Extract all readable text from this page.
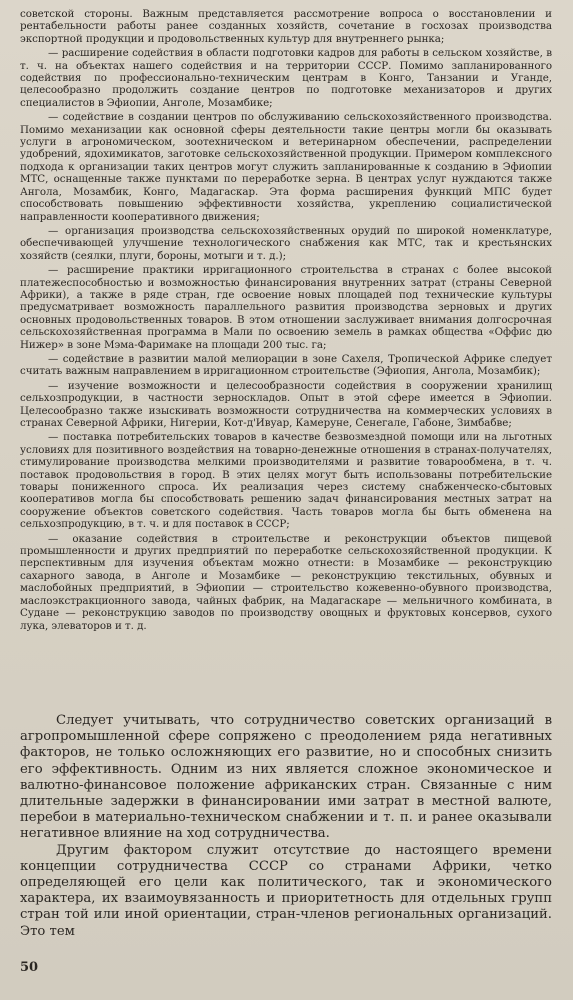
советской стороны. Важным представляется рассмотрение вопроса о восстановлении и рентабельности работы ранее созданных хозяйств, сочетание в госхозах производства экспортной продукции и продовольственных культур для внутреннего рынка;

— расширение содействия в области подготовки кадров для работы в сельском хозяйстве, в т. ч. на объектах нашего содействия и на территории СССР. Помимо запланированного содействия по профессионально-техническим центрам в Конго, Танзании и Уганде, целесообразно продолжить создание центров по подготовке механизаторов и других специалистов в Эфиопии, Анголе, Мозамбике;

— содействие в создании центров по обслуживанию сельскохозяйственного производства. Помимо механизации как основной сферы деятельности такие центры могли бы оказывать услуги в агрономическом, зоотехническом и ветеринарном обеспечении, распределении удобрений, ядохимикатов, заготовке сельскохозяйственной продукции. Примером комплексного подхода к организации таких центров могут служить запланированные к созданию в Эфиопии МТС, оснащенные также пунктами по переработке зерна. В центрах услуг нуждаются также Ангола, Мозамбик, Конго, Мадагаскар. Эта форма расширения функций МПС будет способствовать повышению эффективности хозяйства, укреплению социалистической направленности кооперативного движения;

— организация производства сельскохозяйственных орудий по широкой номенклатуре, обеспечивающей улучшение технологического снабжения как МТС, так и крестьянских хозяйств (сеялки, плуги, бороны, мотыги и т. д.);

— расширение практики ирригационного строительства в странах с более высокой платежеспособностью и возможностью финансирования внутренних затрат (страны Северной Африки), а также в ряде стран, где освоение новых площадей под технические культуры предусматривает возможность параллельного развития производства зерновых и других основных продовольственных товаров. В этом отношении заслуживает внимания долгосрочная сельскохозяйственная программа в Мали по освоению земель в рамках общества «Оффис дю Нижер» в зоне Мэма-Фаримаке на площади 200 тыс. га;

— содействие в развитии малой мелиорации в зоне Сахеля, Тропической Африке следует считать важным направлением в ирригационном строительстве (Эфиопия, Ангола, Мозамбик);

— изучение возможности и целесообразности содействия в сооружении хранилищ сельхозпродукции, в частности зерноскладов. Опыт в этой сфере имеется в Эфиопии. Целесообразно также изыскивать возможности сотрудничества на коммерческих условиях в странах Северной Африки, Нигерии, Кот-д'Ивуар, Камеруне, Сенегале, Габоне, Зимбабве;

— поставка потребительских товаров в качестве безвозмездной помощи или на льготных условиях для позитивного воздействия на товарно-денежные отношения в странах-получателях, стимулирование производства мелкими производителями и развитие товарообмена, в т. ч. поставок продовольствия в город. В этих целях могут быть использованы потребительские товары пониженного спроса. Их реализация через систему снабженческо-сбытовых кооперативов могла бы способствовать решению задач финансирования местных затрат на сооружение объектов советского содействия. Часть товаров могла бы быть обменена на сельхозпродукцию, в т. ч. и для поставок в СССР;

— оказание содействия в строительстве и реконструкции объектов пищевой промышленности и других предприятий по переработке сельскохозяйственной продукции. К перспективным для изучения объектам можно отнести: в Мозамбике — реконструкцию сахарного завода, в Анголе и Мозамбике — реконструкцию текстильных, обувных и маслобойных предприятий, в Эфиопии — строительство кожевенно-обувного производства, маслоэкстракционного завода, чайных фабрик, на Мадагаскаре — мельничного комбината, в Судане — реконструкцию заводов по производству овощных и фруктовых консервов, сухого лука, элеваторов и т. д.

Следует учитывать, что сотрудничество советских организаций в агропромышленной сфере сопряжено с преодолением ряда негативных факторов, не только осложняющих его развитие, но и способных снизить его эффективность. Одним из них является сложное экономическое и валютно-финансовое положение африканских стран. Связанные с ним длительные задержки в финансировании ими затрат в местной валюте, перебои в материально-техническом снабжении и т. п. и ранее оказывали негативное влияние на ход сотрудничества.

Другим фактором служит отсутствие до настоящего времени концепции сотрудничества СССР со странами Африки, четко определяющей его цели как политического, так и экономического характера, их взаимоувязанность и приоритетность для отдельных групп стран той или иной ориентации, стран-членов региональных организаций. Это тем

50
